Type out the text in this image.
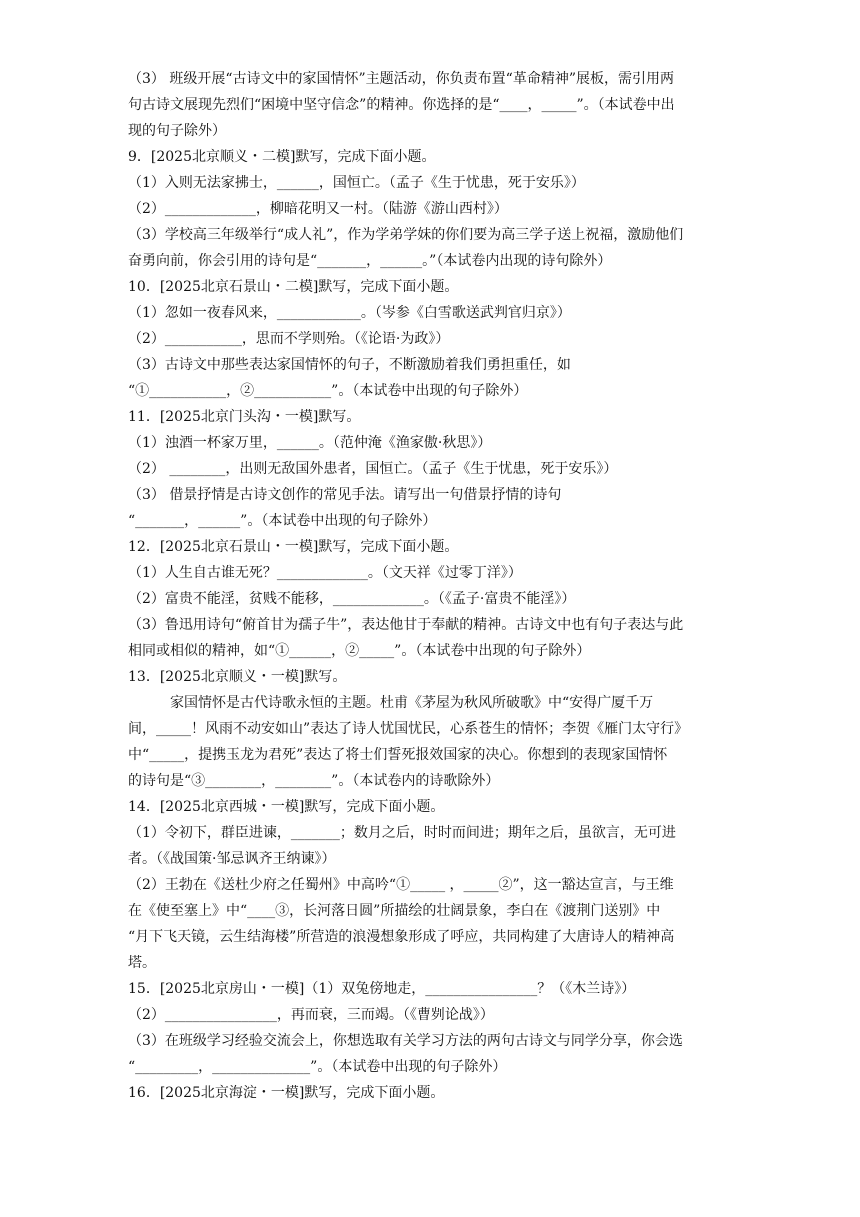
（3） 班级开展“古诗文中的家国情怀”主题活动，你负责布置“革命精神”展板，需引用两
句古诗文展现先烈们“困境中坚守信念”的精神。你选择的是“____，_____”。（本试卷中出
现的句子除外）
9．[2025北京顺义・二模]默写，完成下面小题。
（1）入则无法家拂士，______，国恒亡。（孟子《生于忧患，死于安乐》）
（2）_____________，柳暗花明又一村。（陆游《游山西村》）
（3）学校高三年级举行“成人礼”，作为学弟学妹的你们要为高三学子送上祝福，激励他们
奋勇向前，你会引用的诗句是“_______，______。”（本试卷内出现的诗句除外）
10．[2025北京石景山・二模]默写，完成下面小题。
（1）忽如一夜春风来，____________。（岑参《白雪歌送武判官归京》）
（2）___________，思而不学则殆。（《论语·为政》）
（3）古诗文中那些表达家国情怀的句子，不断激励着我们勇担重任，如
“①___________，②___________”。（本试卷中出现的句子除外）
11．[2025北京门头沟・一模]默写。
（1）浊酒一杯家万里，______。（范仲淹《渔家傲·秋思》）
（2） ________，出则无敌国外患者，国恒亡。（孟子《生于忧患，死于安乐》）
（3） 借景抒情是古诗文创作的常见手法。请写出一句借景抒情的诗句
“_______，______”。（本试卷中出现的句子除外）
12．[2025北京石景山・一模]默写，完成下面小题。
（1）人生自古谁无死？_____________。（文天祥《过零丁洋》）
（2）富贵不能淫，贫贱不能移，_____________。（《孟子·富贵不能淫》）
（3）鲁迅用诗句“俯首甘为孺子牛”，表达他甘于奉献的精神。古诗文中也有句子表达与此
相同或相似的精神，如“①______，②_____”。（本试卷中出现的句子除外）
13．[2025北京顺义・一模]默写。
家国情怀是古代诗歌永恒的主题。杜甫《茅屋为秋风所破歌》中“安得广厦千万
间，_____！风雨不动安如山”表达了诗人忧国忧民，心系苍生的情怀；李贺《雁门太守行》
中“_____，提携玉龙为君死”表达了将士们誓死报效国家的决心。你想到的表现家国情怀
的诗句是“③________，________”。（本试卷内的诗歌除外）
14．[2025北京西城・一模]默写，完成下面小题。
（1）令初下，群臣进谏，_______；数月之后，时时而间进；期年之后，虽欲言，无可进
者。（《战国策·邹忌讽齐王纳谏》）
（2）王勃在《送杜少府之任蜀州》中高吟“①_____ ，_____②”，这一豁达宣言，与王维
在《使至塞上》中“____③，长河落日圆”所描绘的壮阔景象，李白在《渡荆门送别》中
“月下飞天镜，云生结海楼”所营造的浪漫想象形成了呼应，共同构建了大唐诗人的精神高
塔。
15．[2025北京房山・一模]（1）双兔傍地走，________________？（《木兰诗》）
（2）________________，再而衰，三而竭。（《曹刿论战》）
（3）在班级学习经验交流会上，你想选取有关学习方法的两句古诗文与同学分享，你会选
“_________，______________”。（本试卷中出现的句子除外）
16．[2025北京海淀・一模]默写，完成下面小题。
